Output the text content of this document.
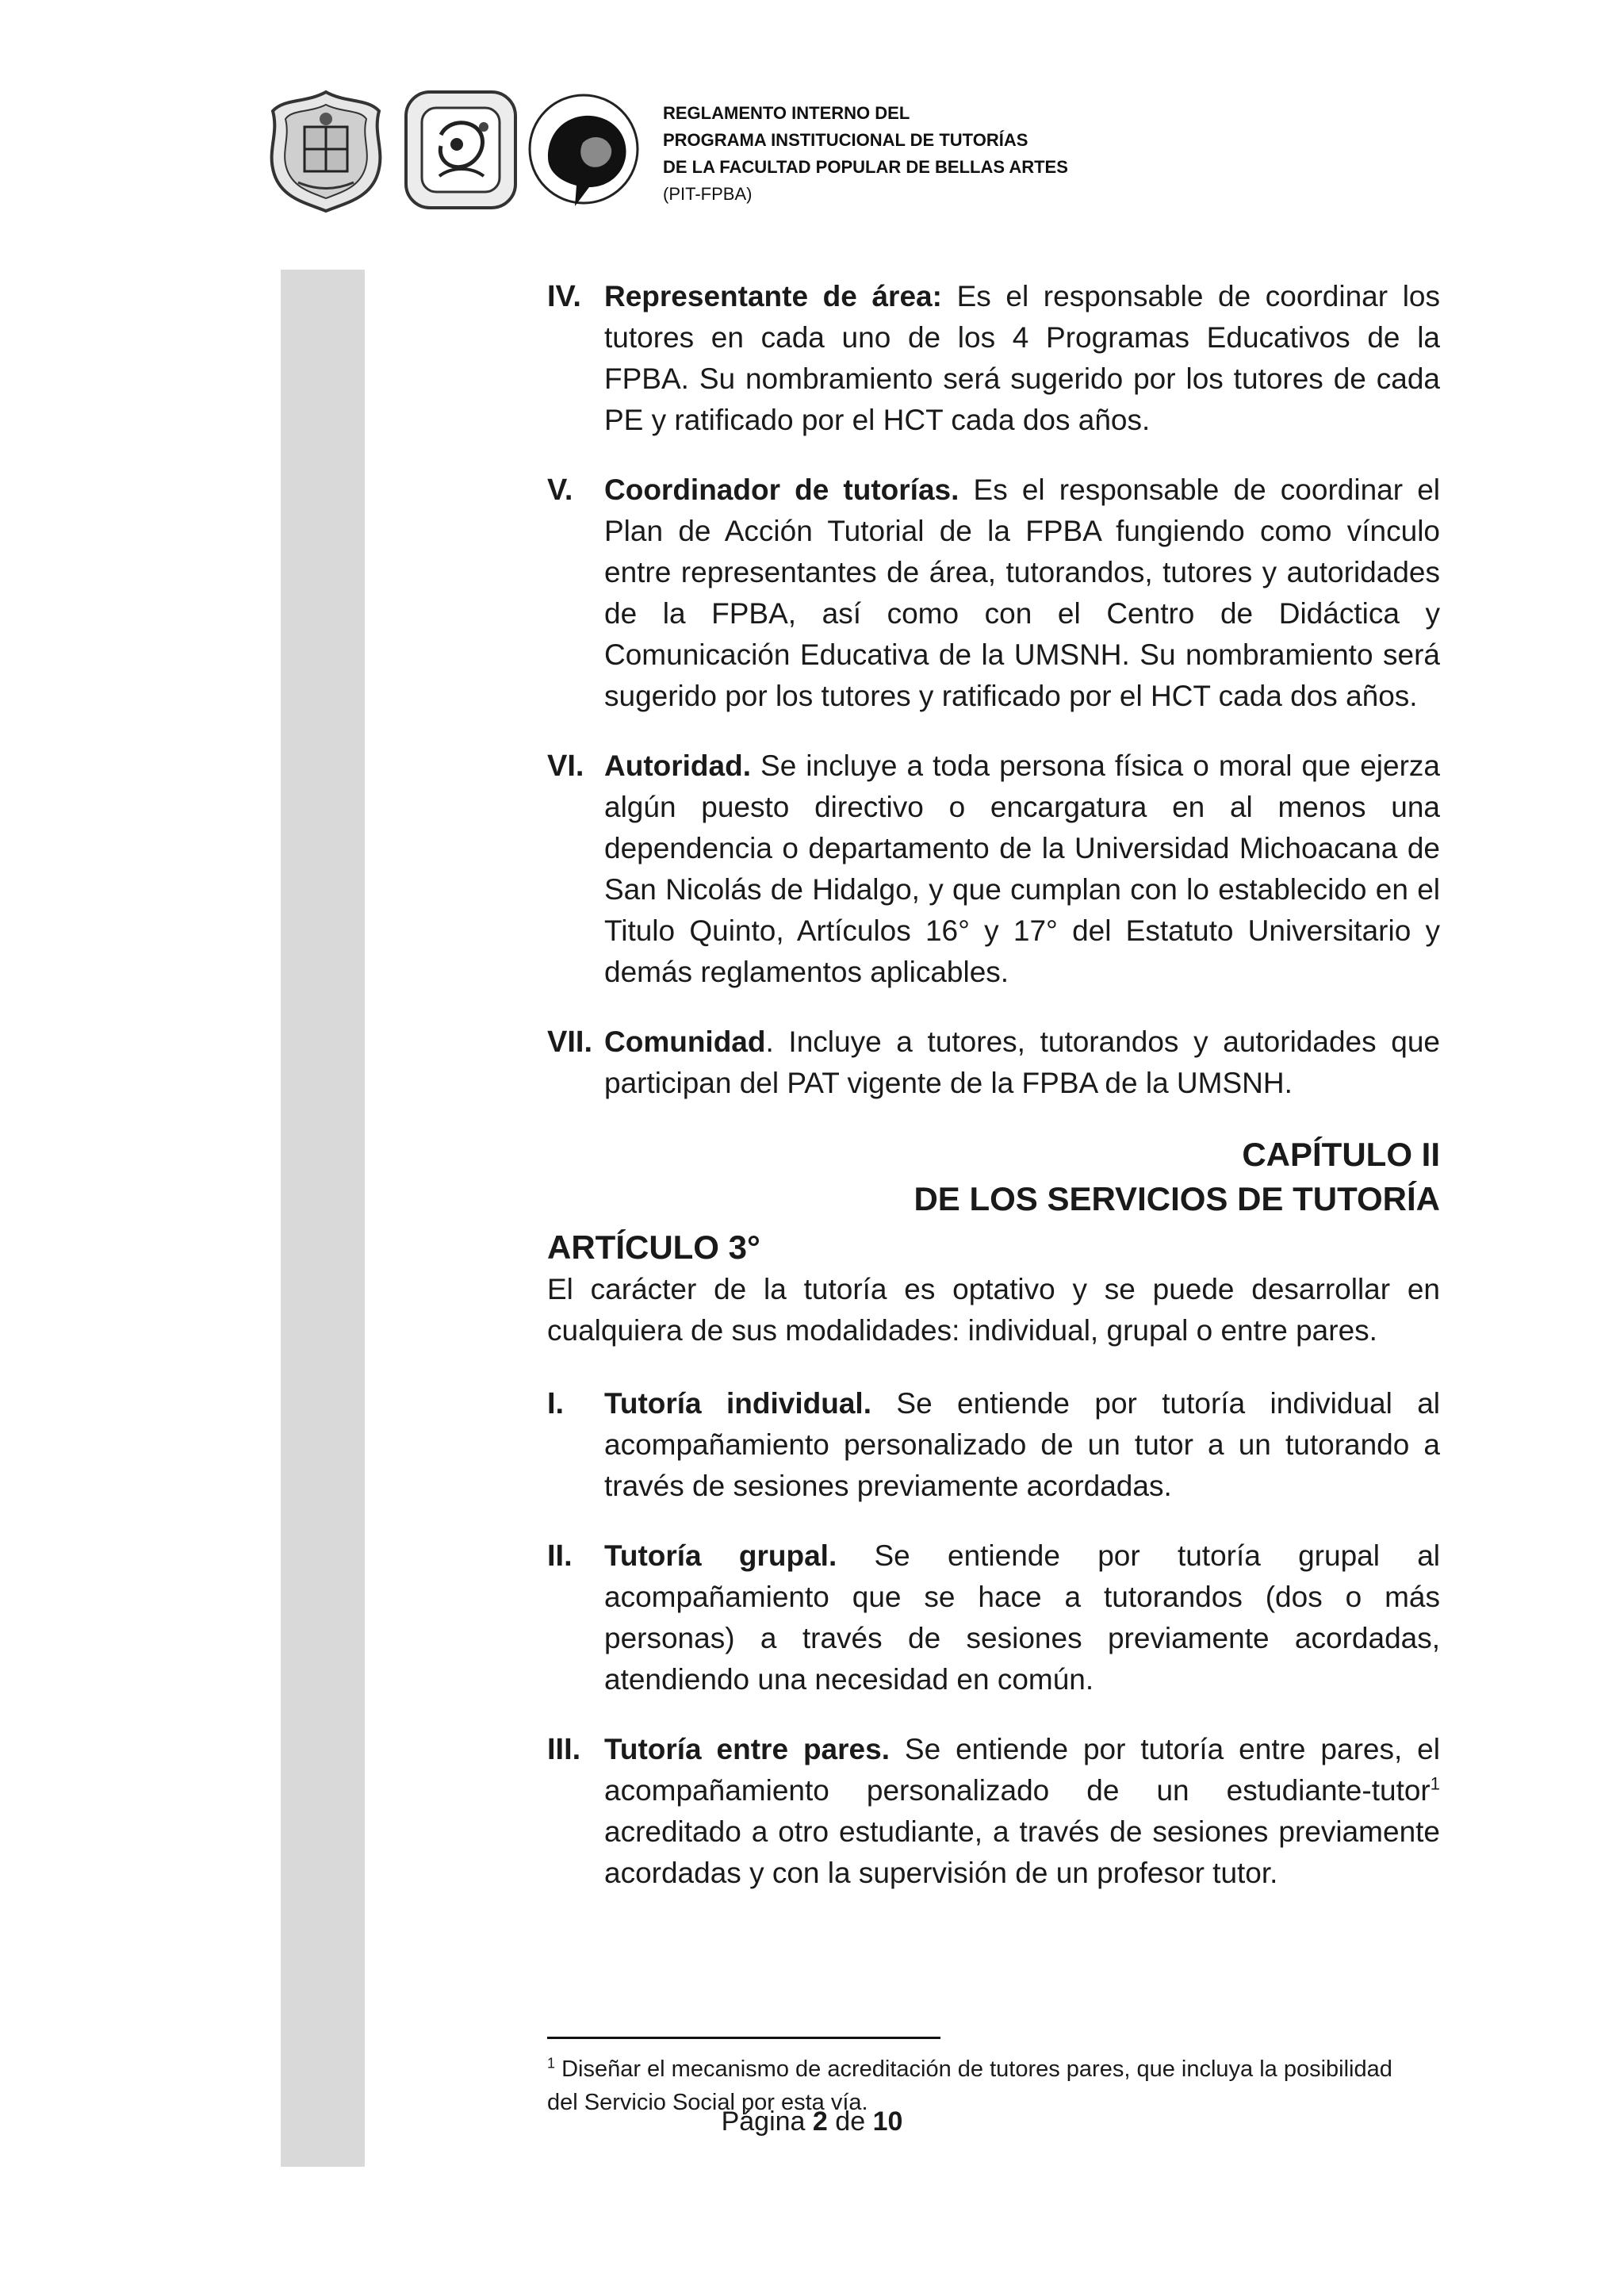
REGLAMENTO INTERNO DEL
PROGRAMA INSTITUCIONAL DE TUTORÍAS
DE LA FACULTAD POPULAR DE BELLAS ARTES
(PIT-FPBA)
IV. Representante de área: Es el responsable de coordinar los tutores en cada uno de los 4 Programas Educativos de la FPBA. Su nombramiento será sugerido por los tutores de cada PE y ratificado por el HCT cada dos años.
V.	Coordinador de tutorías. Es el responsable de coordinar el Plan de Acción Tutorial de la FPBA fungiendo como vínculo entre representantes de área, tutorandos, tutores y autoridades de la FPBA, así como con el Centro de Didáctica y Comunicación Educativa de la UMSNH. Su nombramiento será sugerido por los tutores y ratificado por el HCT cada dos años.
VI. Autoridad. Se incluye a toda persona física o moral que ejerza algún puesto directivo o encargatura en al menos una dependencia o departamento de la Universidad Michoacana de San Nicolás de Hidalgo, y que cumplan con lo establecido en el Titulo Quinto, Artículos 16° y 17° del Estatuto Universitario y demás reglamentos aplicables.
VII. Comunidad. Incluye a tutores, tutorandos y autoridades que participan del PAT vigente de la FPBA de la UMSNH.
CAPÍTULO II
DE LOS SERVICIOS DE TUTORÍA
ARTÍCULO 3°
El carácter de la tutoría es optativo y se puede desarrollar en cualquiera de sus modalidades: individual, grupal o entre pares.
I.	Tutoría individual. Se entiende por tutoría individual al acompañamiento personalizado de un tutor a un tutorando a través de sesiones previamente acordadas.
II.	Tutoría grupal. Se entiende por tutoría grupal al acompañamiento que se hace a tutorandos (dos o más personas) a través de sesiones previamente acordadas, atendiendo una necesidad en común.
III. Tutoría entre pares. Se entiende por tutoría entre pares, el acompañamiento personalizado de un estudiante-tutor$^1$ acreditado a otro estudiante, a través de sesiones previamente acordadas y con la supervisión de un profesor tutor.
$^1$ Diseñar el mecanismo de acreditación de tutores pares, que incluya la posibilidad del Servicio Social por esta vía.
Página 2 de 10
